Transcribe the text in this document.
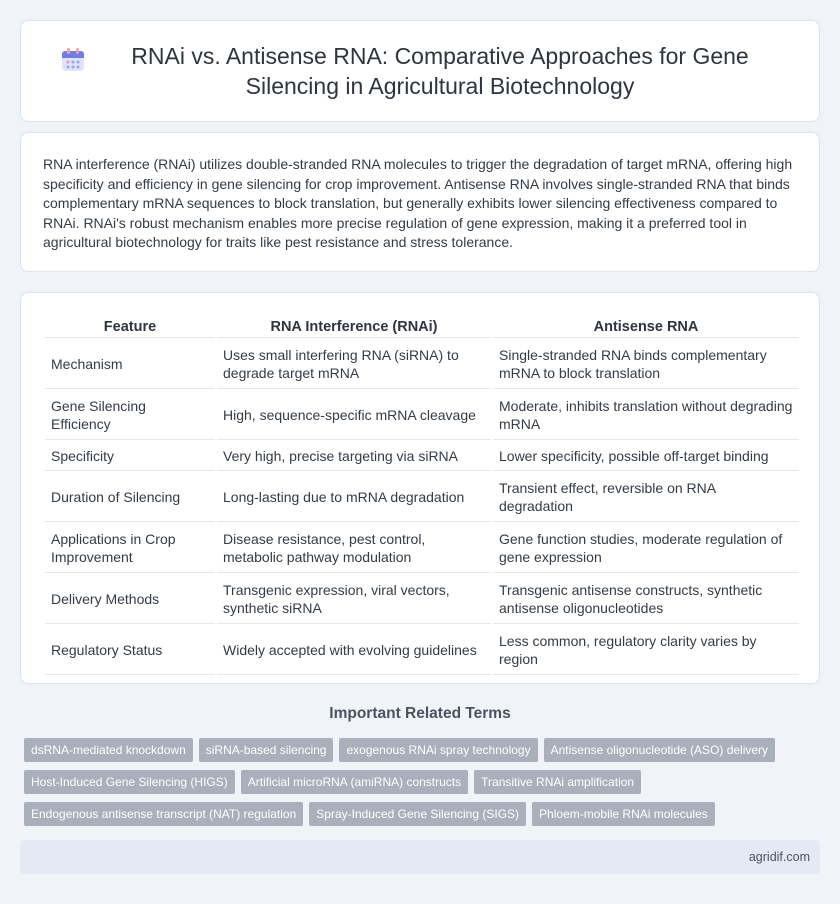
RNAi vs. Antisense RNA: Comparative Approaches for Gene Silencing in Agricultural Biotechnology

RNA interference (RNAi) utilizes double-stranded RNA molecules to trigger the degradation of target mRNA, offering high specificity and efficiency in gene silencing for crop improvement. Antisense RNA involves single-stranded RNA that binds complementary mRNA sequences to block translation, but generally exhibits lower silencing effectiveness compared to RNAi. RNAi's robust mechanism enables more precise regulation of gene expression, making it a preferred tool in agricultural biotechnology for traits like pest resistance and stress tolerance.

Feature	RNA Interference (RNAi)	Antisense RNA
Mechanism	Uses small interfering RNA (siRNA) to degrade target mRNA	Single-stranded RNA binds complementary mRNA to block translation
Gene Silencing Efficiency	High, sequence-specific mRNA cleavage	Moderate, inhibits translation without degrading mRNA
Specificity	Very high, precise targeting via siRNA	Lower specificity, possible off-target binding
Duration of Silencing	Long-lasting due to mRNA degradation	Transient effect, reversible on RNA degradation
Applications in Crop Improvement	Disease resistance, pest control, metabolic pathway modulation	Gene function studies, moderate regulation of gene expression
Delivery Methods	Transgenic expression, viral vectors, synthetic siRNA	Transgenic antisense constructs, synthetic antisense oligonucleotides
Regulatory Status	Widely accepted with evolving guidelines	Less common, regulatory clarity varies by region
Important Related Terms
dsRNA-mediated knockdown	siRNA-based silencing	exogenous RNAi spray technology	Antisense oligonucleotide (ASO) delivery
Host-Induced Gene Silencing (HIGS)	Artificial microRNA (amiRNA) constructs	Transitive RNAi amplification
Endogenous antisense transcript (NAT) regulation	Spray-Induced Gene Silencing (SIGS)	Phloem-mobile RNAi molecules
agridif.com
